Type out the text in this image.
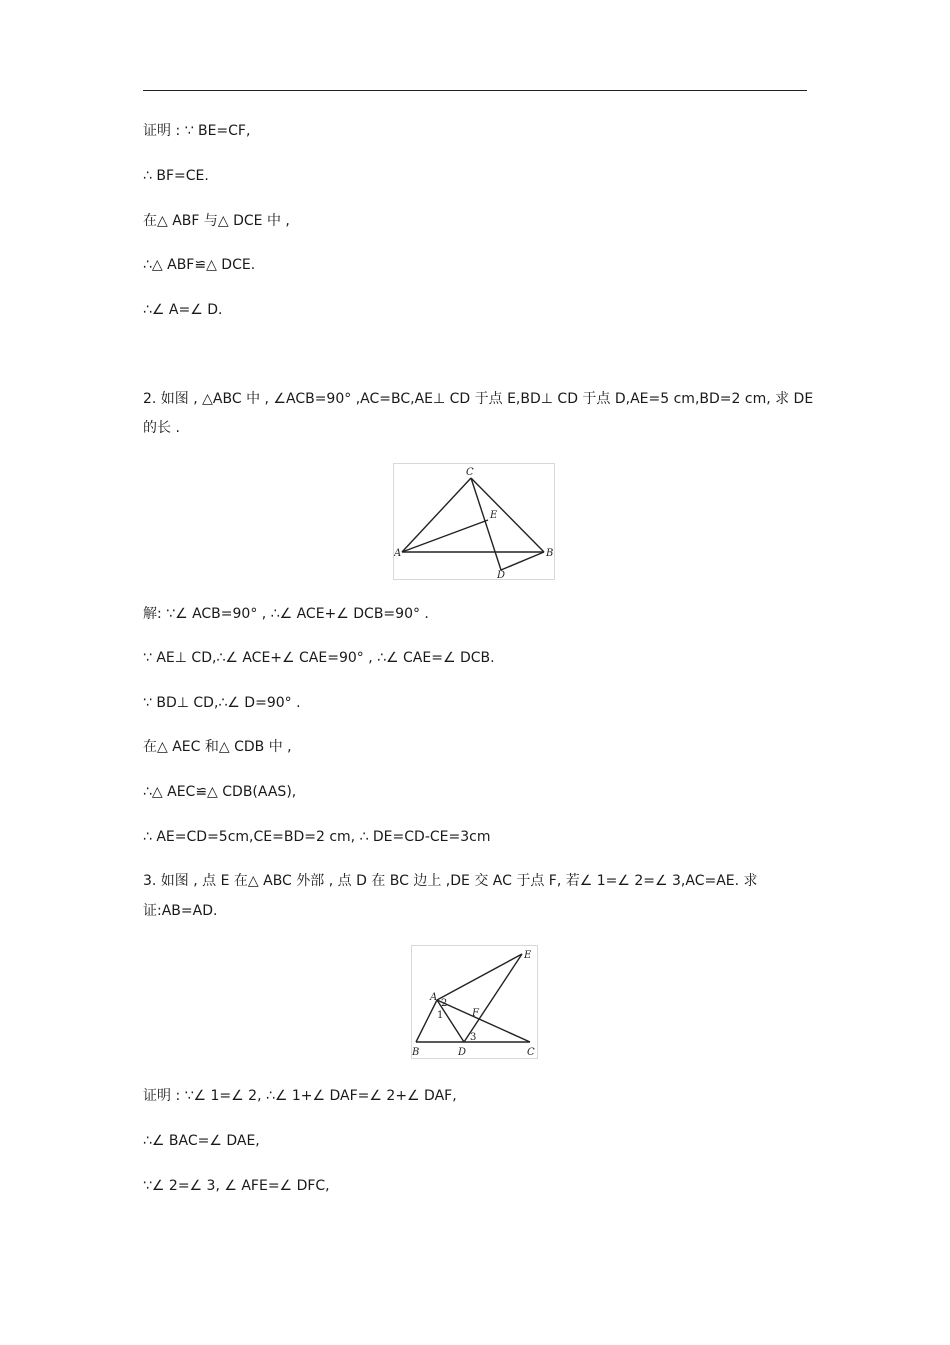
证明 : ∵ BE=CF,
∴ BF=CE.
在△ ABF 与△ DCE 中 ,
∴△ ABF≌△ DCE.
∴∠ A=∠ D.
2. 如图 , △ABC 中 , ∠ACB=90° ,AC=BC,AE⊥ CD 于点 E,BD⊥ CD 于点 D,AE=5 cm,BD=2 cm, 求 DE
的长 .
C
E
A	B
D
解: ∵∠ ACB=90° , ∴∠ ACE+∠ DCB=90° .
∵ AE⊥ CD,∴∠ ACE+∠ CAE=90° , ∴∠ CAE=∠ DCB.
∵ BD⊥ CD,∴∠ D=90° .
在△ AEC 和△ CDB 中 ,
∴△ AEC≌△ CDB(AAS),
∴ AE=CD=5cm,CE=BD=2 cm, ∴ DE=CD-CE=3cm
3. 如图 , 点 E 在△ ABC 外部 , 点 D 在 BC 边上 ,DE 交 AC 于点 F, 若∠ 1=∠ 2=∠ 3,AC=AE. 求
证:AB=AD.
E
A
2
1	F
B	D
3
C
证明 : ∵∠ 1=∠ 2, ∴∠ 1+∠ DAF=∠ 2+∠ DAF,
∴∠ BAC=∠ DAE,
∵∠ 2=∠ 3, ∠ AFE=∠ DFC,
